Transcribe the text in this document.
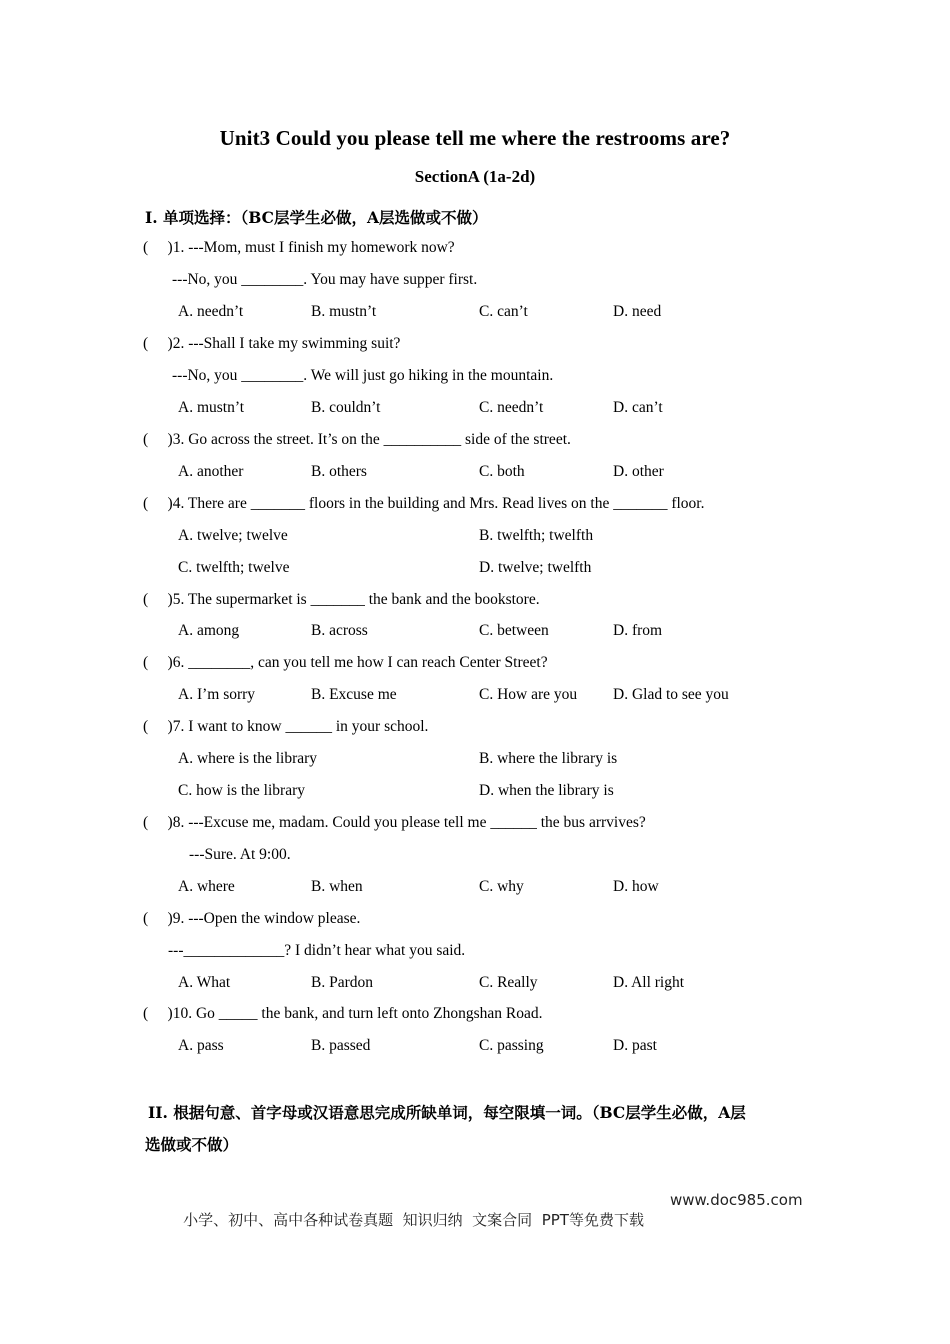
Unit3 Could you please tell me where the restrooms are?
SectionA (1a-2d)
I. 单项选择：（BC层学生必做，A层选做或不做）
(     )1. ---Mom, must I finish my homework now?
---No, you ________. You may have supper first.
A. needn’t	B. mustn’t	C. can’t	D. need
(     )2. ---Shall I take my swimming suit?
---No, you ________. We will just go hiking in the mountain.
A. mustn’t	B. couldn’t	C. needn’t	D. can’t
(     )3. Go across the street. It’s on the __________ side of the street.
A. another	B. others	C. both	D. other
(     )4. There are _______ floors in the building and Mrs. Read lives on the _______ floor.
A. twelve; twelve	B. twelfth; twelfth
C. twelfth; twelve	D. twelve; twelfth
(     )5. The supermarket is _______ the bank and the bookstore.
A. among	B. across	C. between	D. from
(     )6. ________, can you tell me how I can reach Center Street?
A. I’m sorry	B. Excuse me	C. How are you D. Glad to see you
(     )7. I want to know ______ in your school.
A. where is the library	B. where the library is
C. how is the library	D. when the library is
(     )8. ---Excuse me, madam. Could you please tell me ______ the bus arrvives?
---Sure. At 9:00.
A. where	B. when	C. why	D. how
(     )9. ---Open the window please.
---_____________? I didn’t hear what you said.
A. What	B. Pardon	C. Really	D. All right
(     )10. Go _____ the bank, and turn left onto Zhongshan Road.
A. pass	B. passed	C. passing	D. past
II. 根据句意、首字母或汉语意思完成所缺单词，每空限填一词。（BC层学生必做，A层
选做或不做）

小学、初中、高中各种试卷真题  知识归纳  文案合同  PPT等免费下载

www.doc985.com
